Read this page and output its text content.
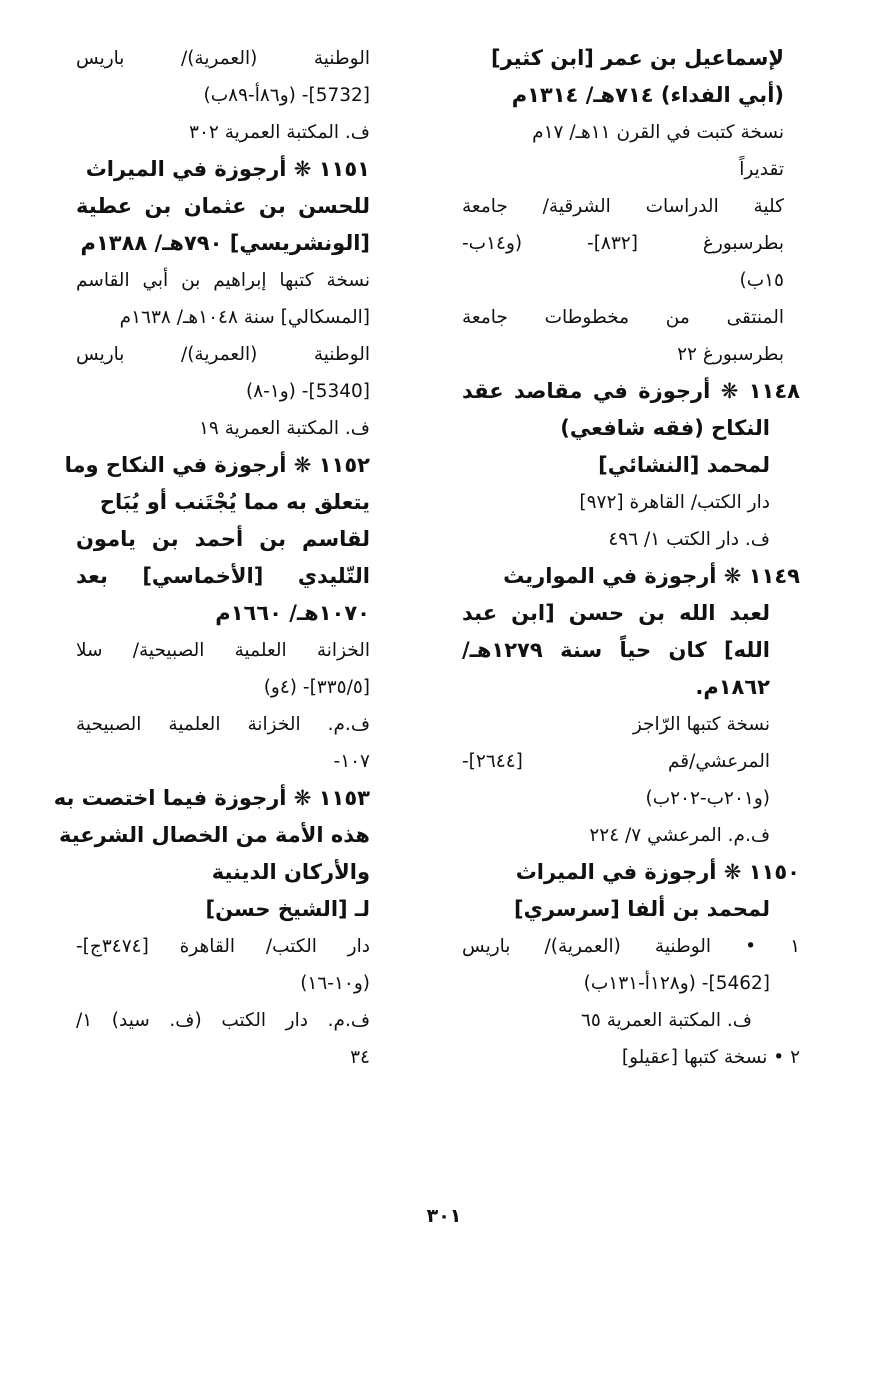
لإسماعيل بن عمر [ابن كثير]
(أبي الفداء) ٧١٤هـ/ ١٣١٤م
نسخة كتبت في القرن ١١هـ/ ١٧م
تقديراً
كلية الدراسات الشرقية/ جامعة
بطرسبورغ [٨٣٢]- (و١٤ب-
١٥ب)
المنتقى من مخطوطات جامعة
بطرسبورغ ٢٢
١١٤٨ ❋ أرجوزة في مقاصد عقد
النكاح (فقه شافعي)
لمحمد [النشائي]
دار الكتب/ القاهرة [٩٧٢]
ف. دار الكتب ١/ ٤٩٦
١١٤٩ ❋ أرجوزة في المواريث
لعبد الله بن حسن [ابن عبد
الله] كان حياً سنة ١٢٧٩هـ/
١٨٦٢م.
نسخة كتبها الرّاجز
المرعشي/قم [٢٦٤٤]-
(و٢٠١ب-٢٠٢ب)
ف.م. المرعشي ٧/ ٢٢٤
١١٥٠ ❋ أرجوزة في الميراث
لمحمد بن ألفا [سرسري]
١ • الوطنية (العمرية)/ باريس
[5462]- (و١٢٨أ-١٣١ب)
ف. المكتبة العمرية ٦٥
٢ • نسخة كتبها [عقيلو]
الوطنية (العمرية)/ باريس
[5732]- (و٨٦أ-٨٩ب)
ف. المكتبة العمرية ٣٠٢
١١٥١ ❋ أرجوزة في الميراث
للحسن بن عثمان بن عطية
[الونشريسي] ٧٩٠هـ/ ١٣٨٨م
نسخة كتبها إبراهيم بن أبي القاسم
[المسكالي] سنة ١٠٤٨هـ/ ١٦٣٨م
الوطنية (العمرية)/ باريس
[5340]- (و١-٨)
ف. المكتبة العمرية ١٩
١١٥٢ ❋ أرجوزة في النكاح وما
يتعلق به مما يُجْتَنب أو يُبَاح
لقاسم بن أحمد بن يامون
التّليدي [الأخماسي] بعد
١٠٧٠هـ/ ١٦٦٠م
الخزانة العلمية الصبيحية/ سلا
[٣٣٥/٥]- (٤و)
ف.م. الخزانة العلمية الصبيحية
١٠٧-
١١٥٣ ❋ أرجوزة فيما اختصت به
هذه الأمة من الخصال الشرعية
والأركان الدينية
لـ [الشيخ حسن]
دار الكتب/ القاهرة [٣٤٧٤ج]-
(و١٠-١٦)
ف.م. دار الكتب (ف. سيد) ١/
٣٤
٣٠١
